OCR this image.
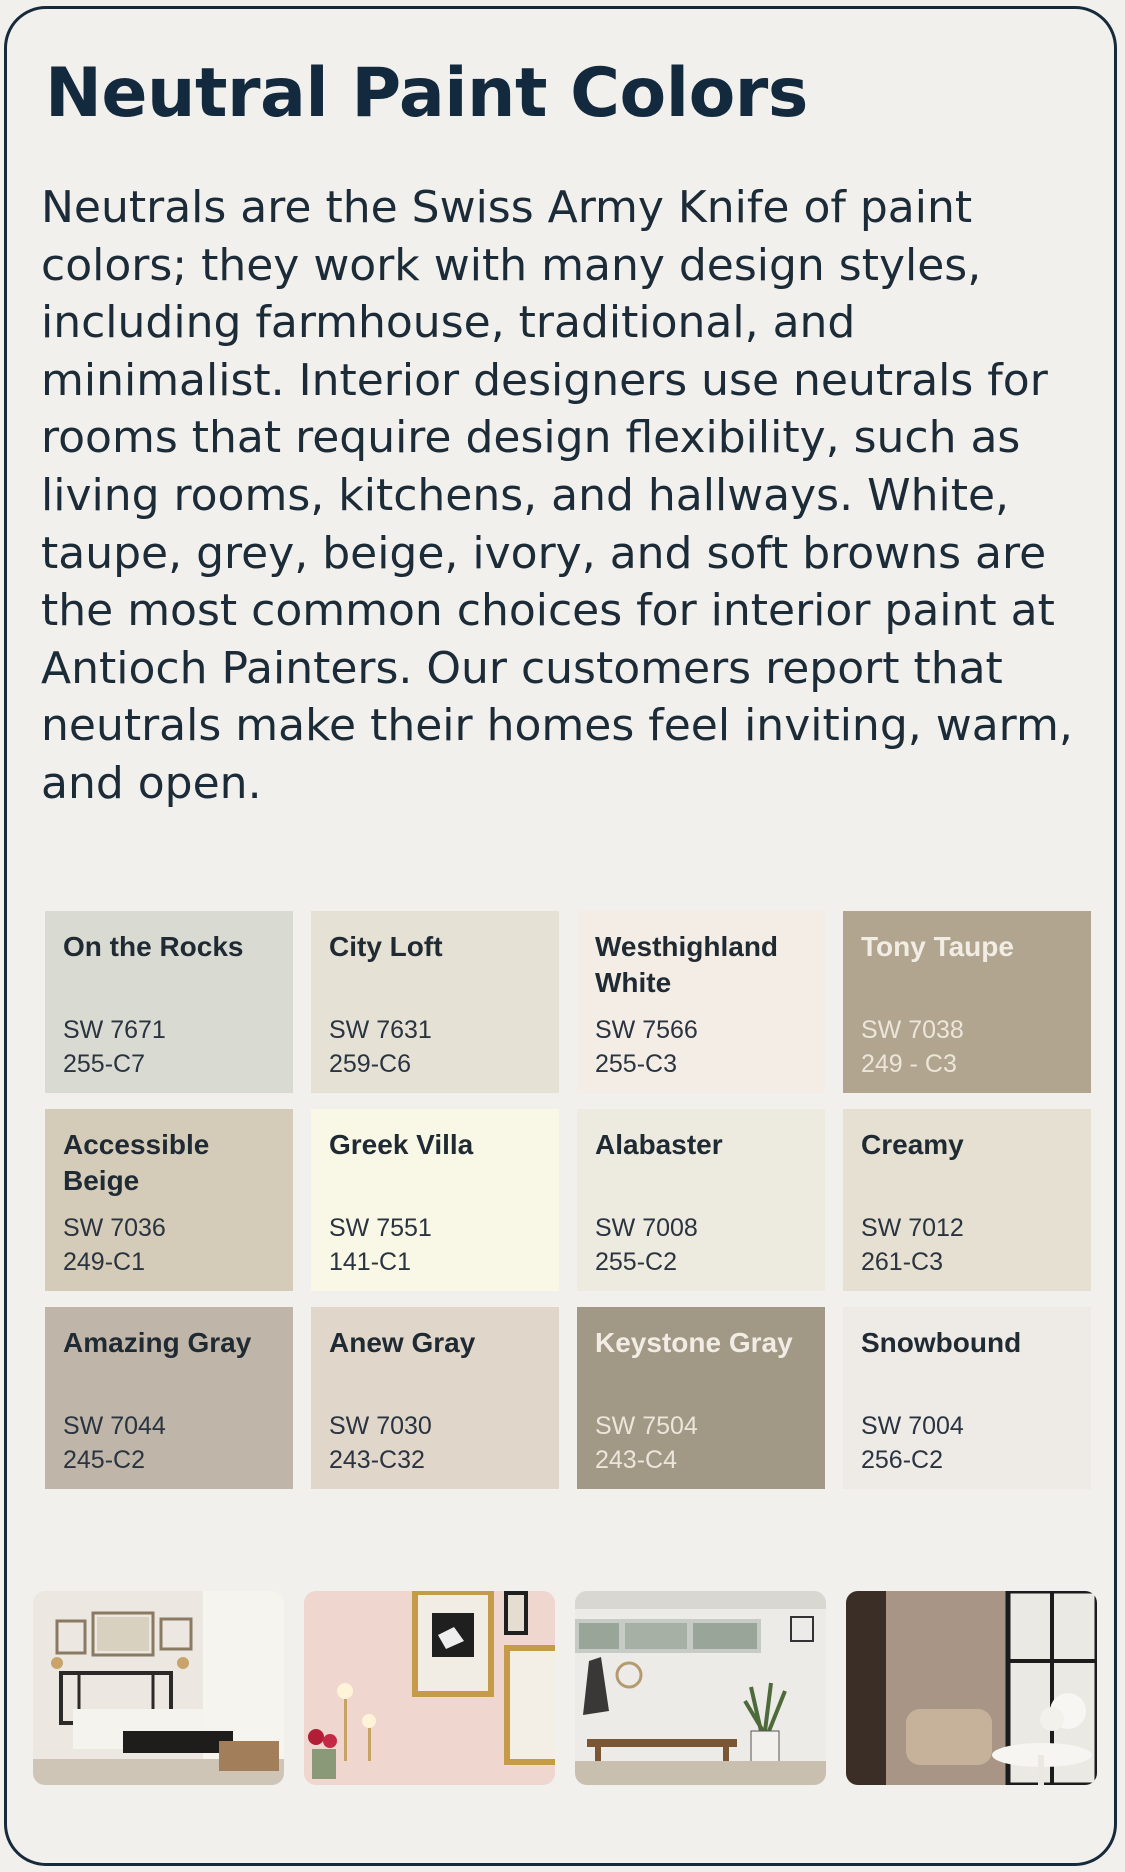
Neutral Paint Colors

Neutrals are the Swiss Army Knife of paint colors; they work with many design styles, including farmhouse, traditional, and minimalist. Interior designers use neutrals for rooms that require design flexibility, such as living rooms, kitchens, and hallways. White, taupe, grey, beige, ivory, and soft browns are the most common choices for interior paint at Antioch Painters. Our customers report that neutrals make their homes feel inviting, warm, and open.

On the Rocks
SW 7671
255-C7
City Loft
SW 7631
259-C6
Westhighland White
SW 7566
255-C3
Tony Taupe
SW 7038
249 - C3
Accessible Beige
SW 7036
249-C1
Greek Villa
SW 7551
141-C1
Alabaster
SW 7008
255-C2
Creamy
SW 7012
261-C3
Amazing Gray
SW 7044
245-C2
Anew Gray
SW 7030
243-C32
Keystone Gray
SW 7504
243-C4
Snowbound
SW 7004
256-C2
